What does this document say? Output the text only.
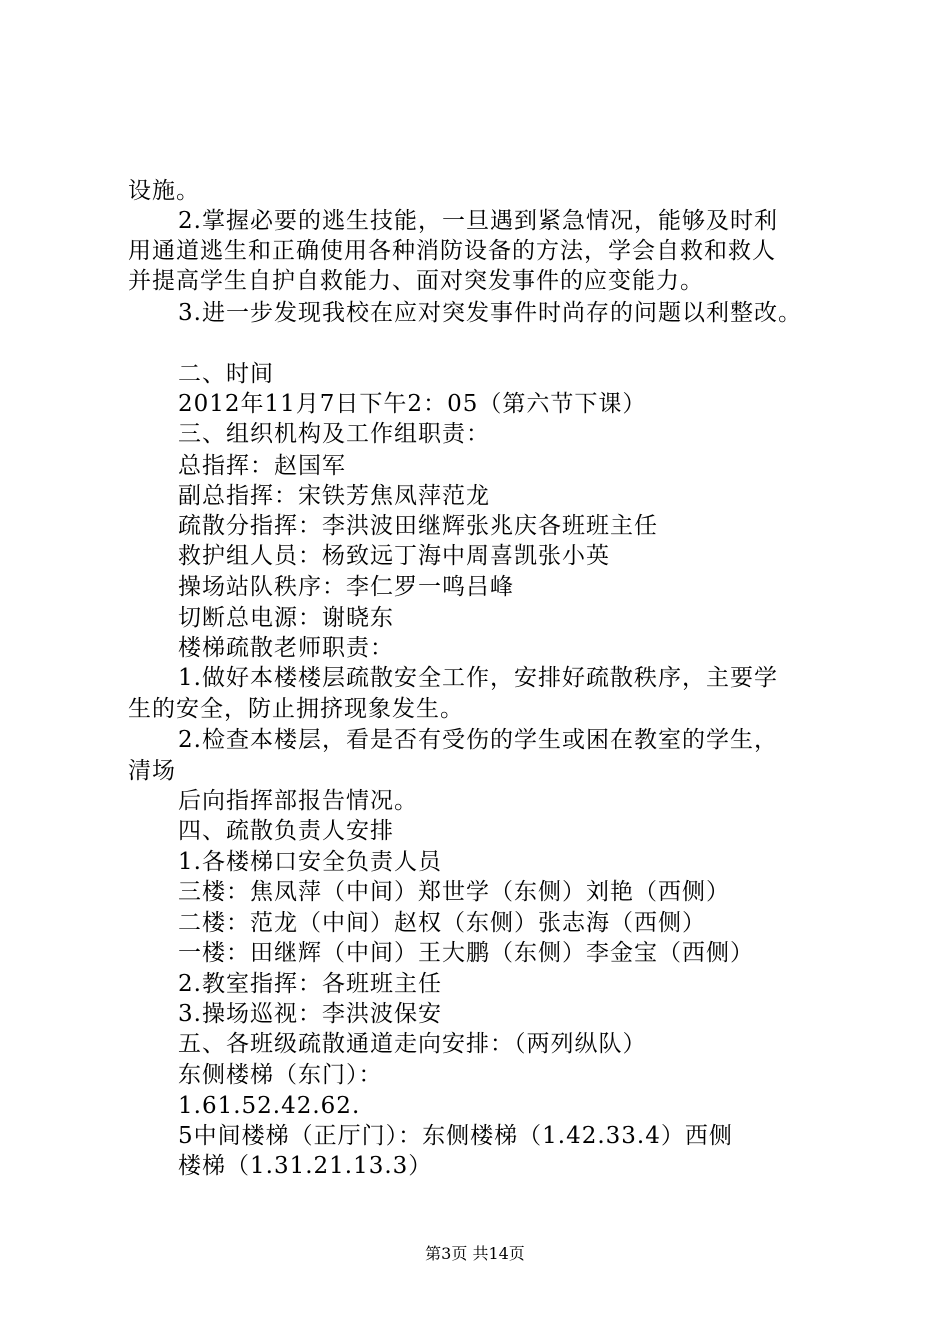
设施。
2.掌握必要的逃生技能，一旦遇到紧急情况，能够及时利
用通道逃生和正确使用各种消防设备的方法，学会自救和救人
并提高学生自护自救能力、面对突发事件的应变能力。
3.进一步发现我校在应对突发事件时尚存的问题以利整改。
二、时间
2012年11月7日下午2：05（第六节下课）
三、组织机构及工作组职责：
总指挥：赵国军
副总指挥：宋铁芳焦凤萍范龙
疏散分指挥：李洪波田继辉张兆庆各班班主任
救护组人员：杨致远丁海中周喜凯张小英
操场站队秩序：李仁罗一鸣吕峰
切断总电源：谢晓东
楼梯疏散老师职责：
1.做好本楼楼层疏散安全工作，安排好疏散秩序，主要学
生的安全，防止拥挤现象发生。
2.检查本楼层，看是否有受伤的学生或困在教室的学生，
清场
后向指挥部报告情况。
四、疏散负责人安排
1.各楼梯口安全负责人员
三楼：焦凤萍（中间）郑世学（东侧）刘艳（西侧）
二楼：范龙（中间）赵权（东侧）张志海（西侧）
一楼：田继辉（中间）王大鹏（东侧）李金宝（西侧）
2.教室指挥：各班班主任
3.操场巡视：李洪波保安
五、各班级疏散通道走向安排：（两列纵队）
东侧楼梯（东门）：
1.61.52.42.62.
5中间楼梯（正厅门）：东侧楼梯（1.42.33.4）西侧
楼梯（1.31.21.13.3）
第3页 共14页
